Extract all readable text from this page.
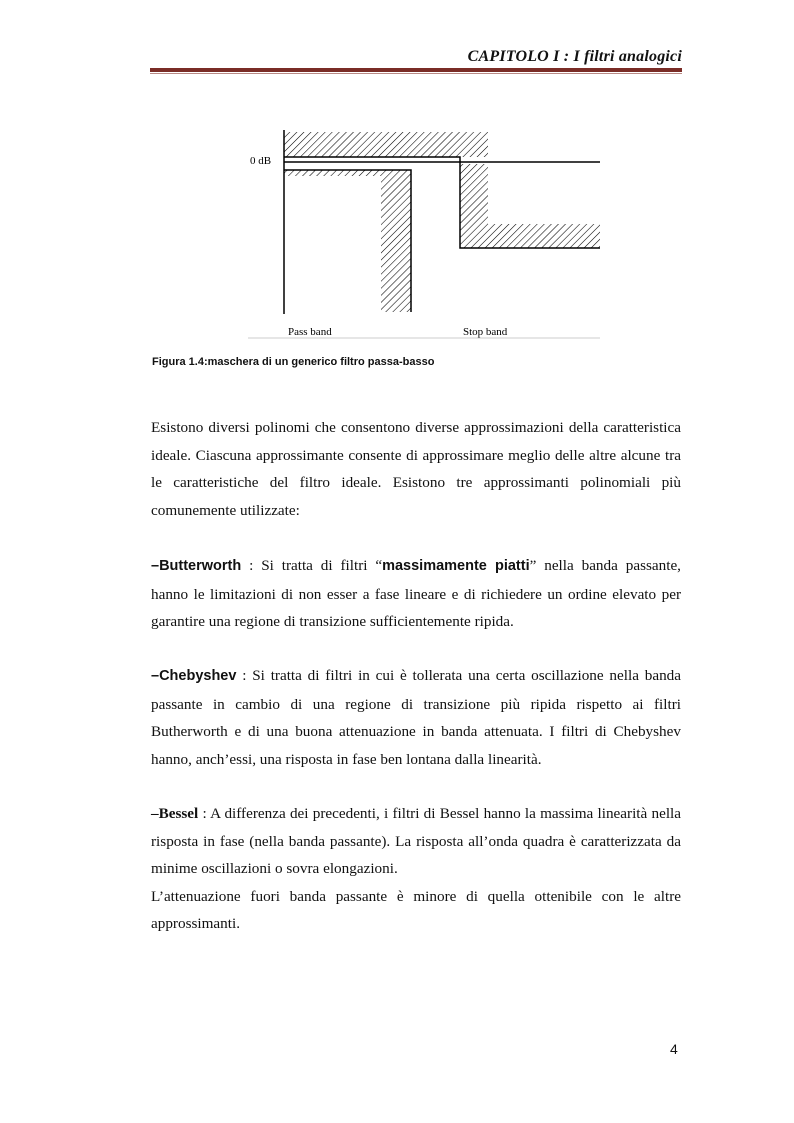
CAPITOLO I : I filtri analogici
0 dB
Pass band	Stop band
Figura 1.4:maschera di un generico filtro passa-basso

Esistono diversi polinomi che consentono diverse approssimazioni della caratteristica ideale. Ciascuna approssimante consente di approssimare meglio delle altre alcune tra le caratteristiche del filtro ideale. Esistono tre approssimanti polinomiali più comunemente utilizzate:

–Butterworth : Si tratta di filtri “massimamente piatti” nella banda passante, hanno le limitazioni di non esser a fase lineare e di richiedere un ordine elevato per garantire una regione di transizione sufficientemente ripida.

–Chebyshev : Si tratta di filtri in cui è tollerata una certa oscillazione nella banda passante in cambio di una regione di transizione più ripida rispetto ai filtri Butherworth e di una buona attenuazione in banda attenuata. I filtri di Chebyshev hanno, anch’essi, una risposta in fase ben lontana dalla linearità.

–Bessel : A differenza dei precedenti, i filtri di Bessel hanno la massima linearità nella risposta in fase (nella banda passante). La risposta all’onda quadra è caratterizzata da minime oscillazioni o sovra elongazioni.

L’attenuazione fuori banda passante è minore di quella ottenibile con le altre approssimanti.

4
